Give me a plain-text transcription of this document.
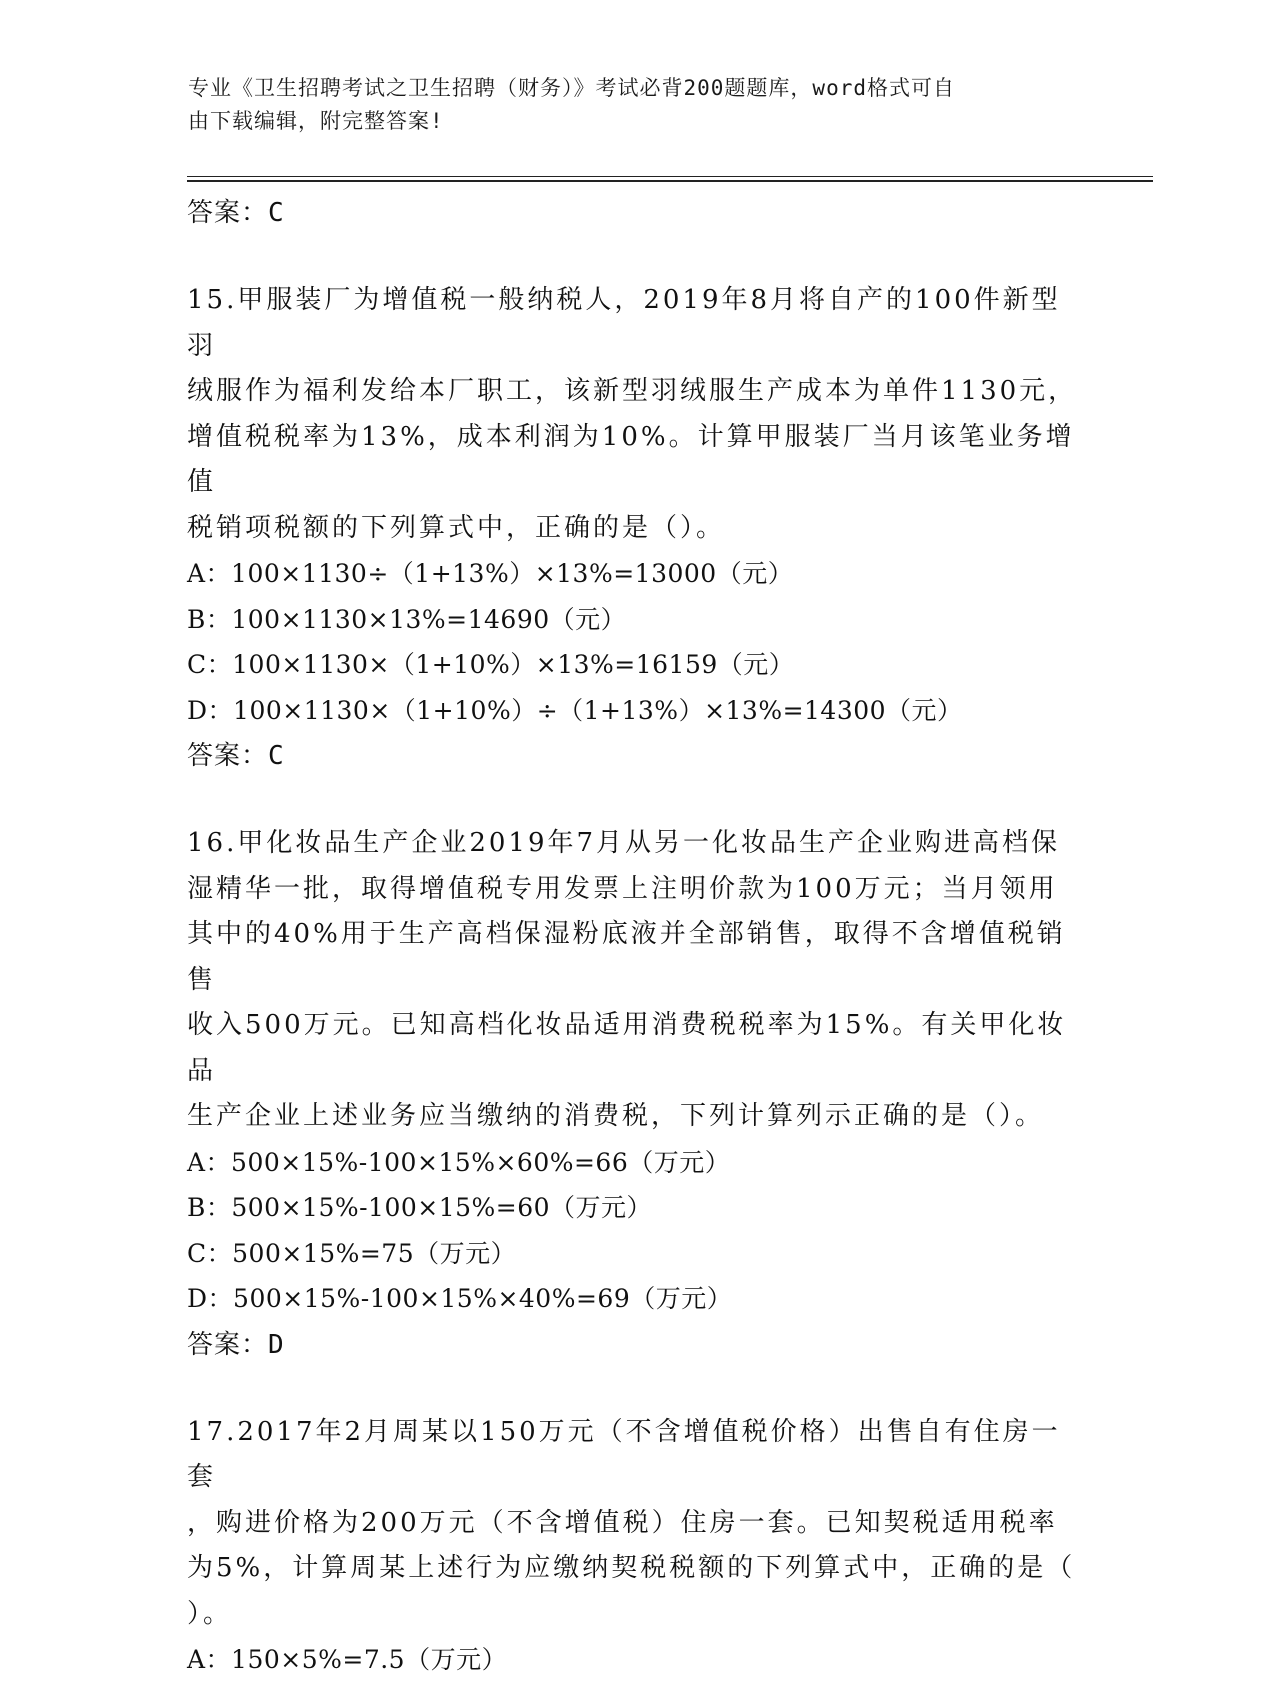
专业《卫生招聘考试之卫生招聘（财务）》考试必背200题题库，word格式可自
由下载编辑，附完整答案!
答案：C
15.甲服装厂为增值税一般纳税人，2019年8月将自产的100件新型羽
绒服作为福利发给本厂职工，该新型羽绒服生产成本为单件1130元，
增值税税率为13%，成本利润为10%。计算甲服装厂当月该笔业务增值
税销项税额的下列算式中，正确的是（）。
A：100×1130÷（1+13%）×13%=13000（元）
B：100×1130×13%=14690（元）
C：100×1130×（1+10%）×13%=16159（元）
D：100×1130×（1+10%）÷（1+13%）×13%=14300（元）
答案：C
16.甲化妆品生产企业2019年7月从另一化妆品生产企业购进高档保
湿精华一批，取得增值税专用发票上注明价款为100万元；当月领用
其中的40%用于生产高档保湿粉底液并全部销售，取得不含增值税销售
收入500万元。已知高档化妆品适用消费税税率为15%。有关甲化妆品
生产企业上述业务应当缴纳的消费税，下列计算列示正确的是（）。
A：500×15%-100×15%×60%=66（万元）
B：500×15%-100×15%=60（万元）
C：500×15%=75（万元）
D：500×15%-100×15%×40%=69（万元）
答案：D
17.2017年2月周某以150万元（不含增值税价格）出售自有住房一套
，购进价格为200万元（不含增值税）住房一套。已知契税适用税率
为5%，计算周某上述行为应缴纳契税税额的下列算式中，正确的是（
）。
A：150×5%=7.5（万元）
